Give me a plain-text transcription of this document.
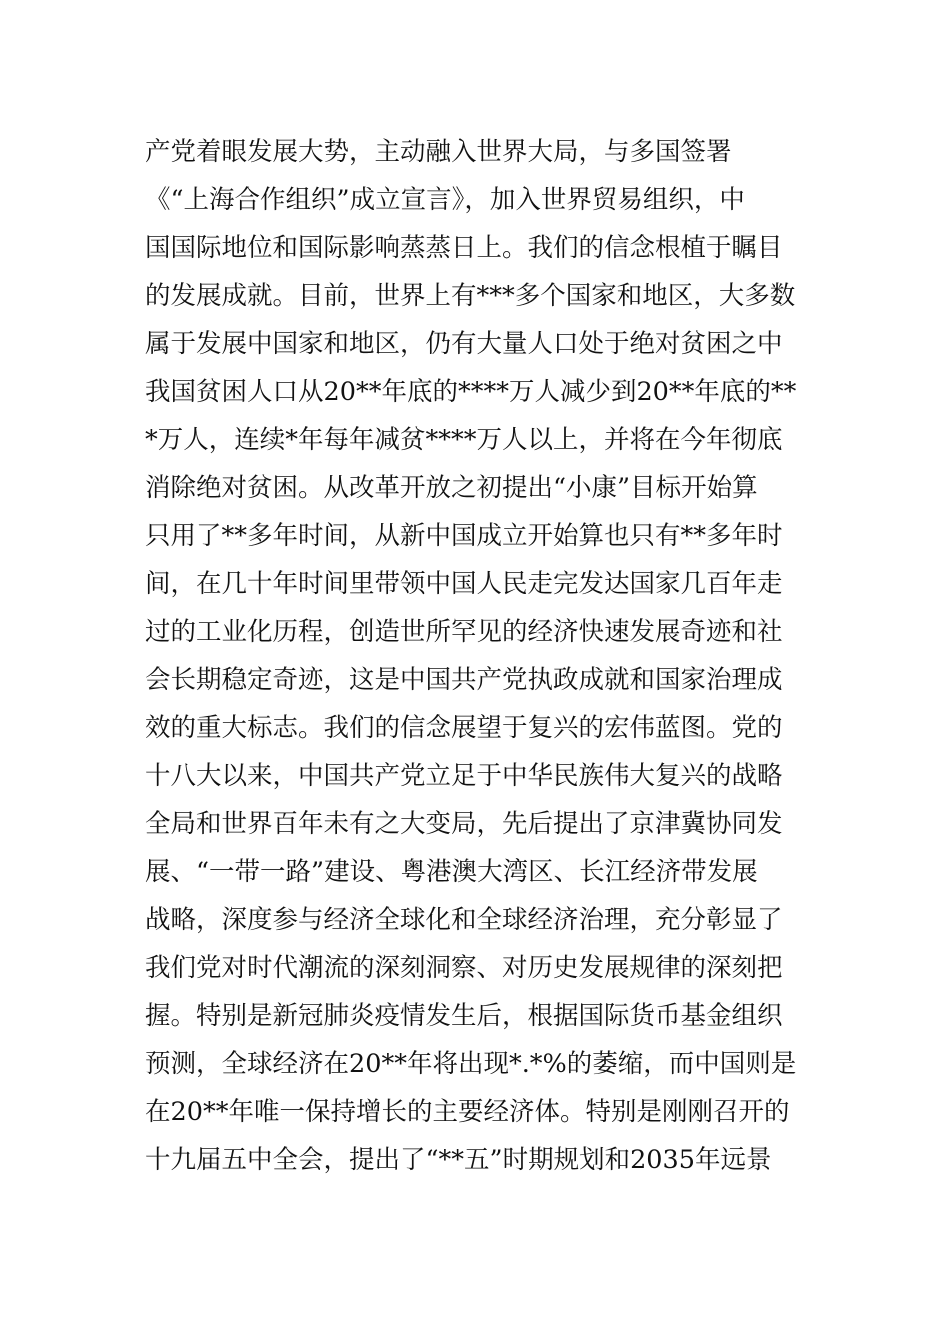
产党着眼发展大势，主动融入世界大局，与多国签署
《“上海合作组织”成立宣言》，加入世界贸易组织，中
国国际地位和国际影响蒸蒸日上。我们的信念根植于瞩目
的发展成就。目前，世界上有***多个国家和地区，大多数
属于发展中国家和地区，仍有大量人口处于绝对贫困之中
我国贫困人口从20**年底的****万人减少到20**年底的**
*万人，连续*年每年减贫****万人以上，并将在今年彻底
消除绝对贫困。从改革开放之初提出“小康”目标开始算
只用了**多年时间，从新中国成立开始算也只有**多年时
间，在几十年时间里带领中国人民走完发达国家几百年走
过的工业化历程，创造世所罕见的经济快速发展奇迹和社
会长期稳定奇迹，这是中国共产党执政成就和国家治理成
效的重大标志。我们的信念展望于复兴的宏伟蓝图。党的
十八大以来，中国共产党立足于中华民族伟大复兴的战略
全局和世界百年未有之大变局，先后提出了京津冀协同发
展、“一带一路”建设、粤港澳大湾区、长江经济带发展
战略，深度参与经济全球化和全球经济治理，充分彰显了
我们党对时代潮流的深刻洞察、对历史发展规律的深刻把
握。特别是新冠肺炎疫情发生后，根据国际货币基金组织
预测，全球经济在20**年将出现*.*%的萎缩，而中国则是
在20**年唯一保持增长的主要经济体。特别是刚刚召开的
十九届五中全会，提出了“**五”时期规划和2035年远景
